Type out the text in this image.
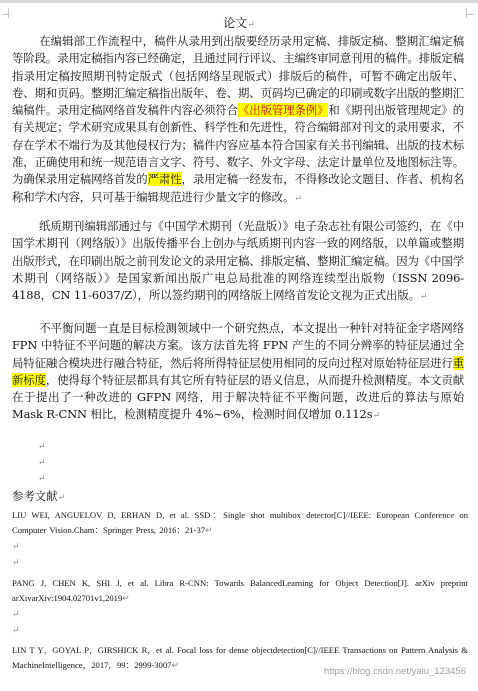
论文↵
在编辑部工作流程中，稿件从录用到出版要经历录用定稿、排版定稿、整期汇编定稿等阶段。录用定稿指内容已经确定，且通过同行评议、主编终审同意刊用的稿件。排版定稿指录用定稿按照期刊特定版式（包括网络呈现版式）排版后的稿件，可暂不确定出版年、卷、期和页码。整期汇编定稿指出版年、卷、期、页码均已确定的印刷或数字出版的整期汇编稿件。录用定稿网络首发稿件内容必须符合《出版管理条例》和《期刊出版管理规定》的有关规定；学术研究成果具有创新性、科学性和先进性，符合编辑部对刊文的录用要求，不存在学术不端行为及其他侵权行为；稿件内容应基本符合国家有关书刊编辑、出版的技术标准，正确使用和统一规范语言文字、符号、数字、外文字母、法定计量单位及地图标注等。为确保录用定稿网络首发的严肃性，录用定稿一经发布，不得修改论文题目、作者、机构名称和学术内容，只可基于编辑规范进行少量文字的修改。↵
纸质期刊编辑部通过与《中国学术期刊（光盘版）》电子杂志社有限公司签约，在《中国学术期刊（网络版）》出版传播平台上创办与纸质期刊内容一致的网络版，以单篇或整期出版形式，在印刷出版之前刊发论文的录用定稿、排版定稿、整期汇编定稿。因为《中国学术期刊（网络版）》是国家新闻出版广电总局批准的网络连续型出版物（ISSN 2096-4188，CN 11-6037/Z），所以签约期刊的网络版上网络首发论文视为正式出版。↵
不平衡问题一直是目标检测领域中一个研究热点，本文提出一种针对特征金字塔网络 FPN 中特征不平问题的解决方案。该方法首先将 FPN 产生的不同分辨率的特征层通过全局特征融合模块进行融合特征，然后将所得特征层使用相同的反向过程对原始特征层进行重新标度，使得每个特征层都具有其它所有特征层的语义信息，从而提升检测精度。本文贡献在于提出了一种改进的 GFPN 网络，用于解决特征不平衡问题，改进后的算法与原始 Mask R-CNN 相比，检测精度提升 4%~6%，检测时间仅增加 0.112s↵
↵
↵
↵
参考文献↵
LIU WEI, ANGUELOV D, ERHAN D, et al. SSD：Single shot multibox detector[C]//IEEE: European Conference on Computer Vision.Cham：Springer Press, 2016：21-37↵
↵
↵
PANG J, CHEN K, SHI J, et al. Libra R-CNN: Towards BalancedLearning for Object Detection[J]. arXiv preprint arXivarXiv:1904.02701v1,2019↵
↵
↵
LIN T Y，GOYAL P，GIRSHICK R，et al. Focal loss for dense objectdetection[C]//IEEE Transactions on Pattern Analysis & MachineIntelligence，2017，99：2999-3007↵
https://blog.csdn.net/yalu_123456
